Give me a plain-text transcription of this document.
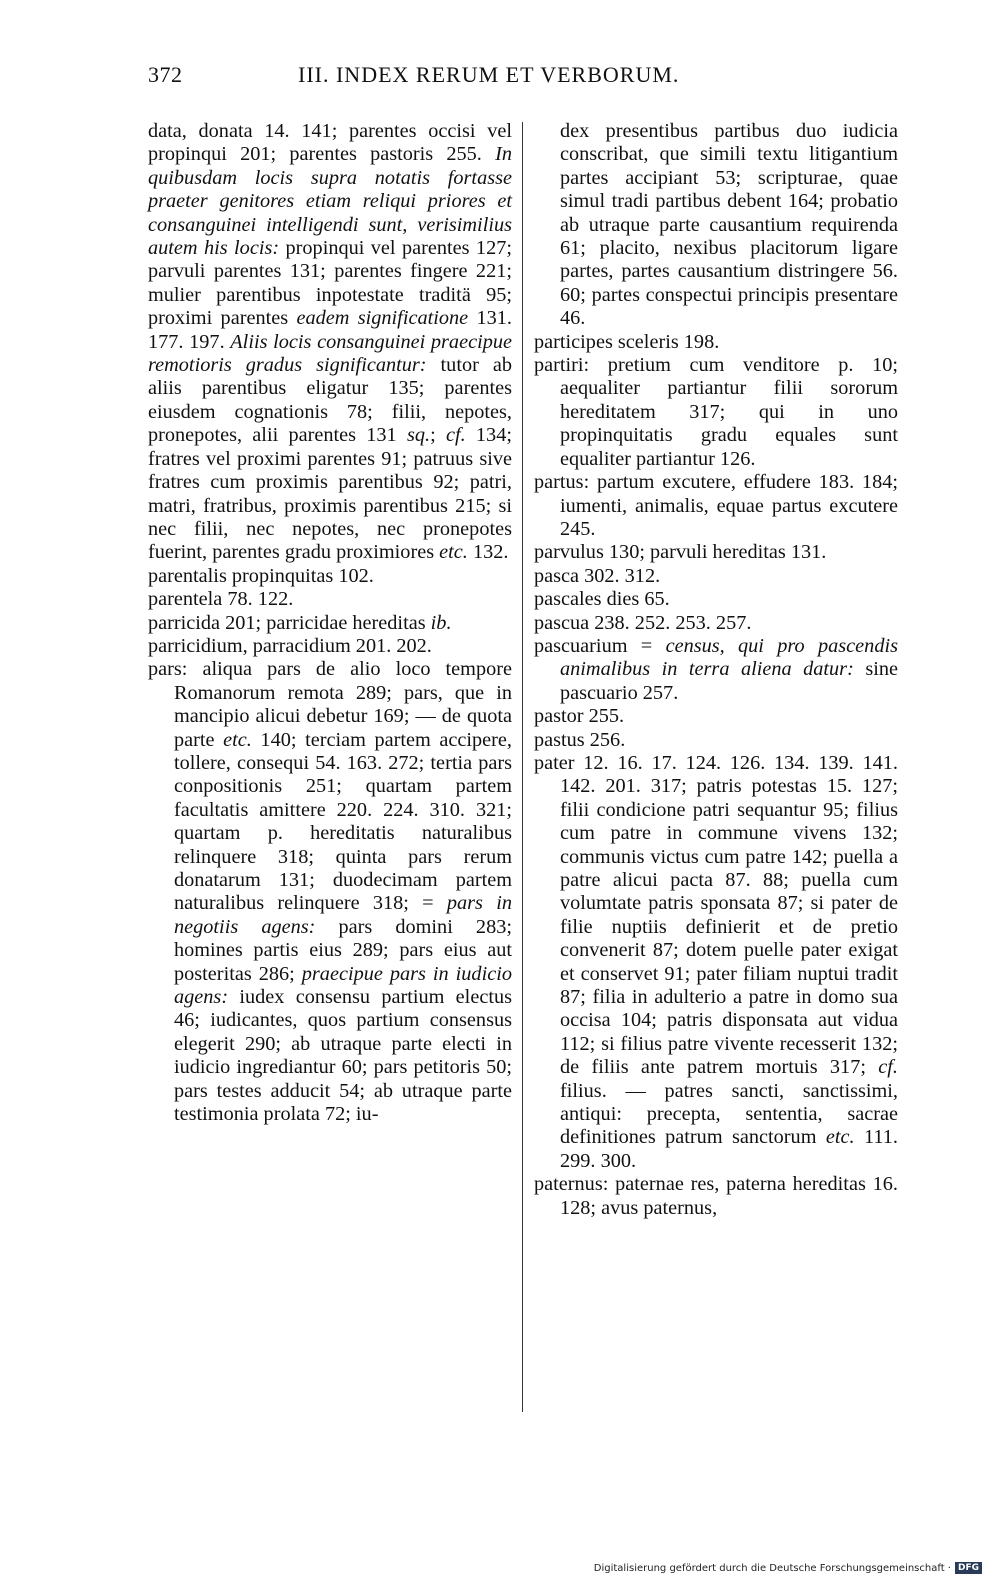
372	III. INDEX RERUM ET VERBORUM.

data, donata 14. 141; parentes occisi vel propinqui 201; parentes pastoris 255. In quibusdam locis supra notatis fortasse praeter genitores etiam reliqui priores et consanguinei intelligendi sunt, verisimilius autem his locis: propinqui vel parentes 127; parvuli parentes 131; parentes fingere 221; mulier parentibus inpotestate traditä 95; proximi parentes eadem significatione 131. 177. 197. Aliis locis consanguinei praecipue remotioris gradus significantur: tutor ab aliis parentibus eligatur 135; parentes eiusdem cognationis 78; filii, nepotes, pronepotes, alii parentes 131 sq.; cf. 134; fratres vel proximi parentes 91; patruus sive fratres cum proximis parentibus 92; patri, matri, fratribus, proximis parentibus 215; si nec filii, nec nepotes, nec pronepotes fuerint, parentes gradu proximiores etc. 132.

parentalis propinquitas 102.

parentela 78. 122.

parricida 201; parricidae hereditas ib.

parricidium, parracidium 201. 202.

pars: aliqua pars de alio loco tempore Romanorum remota 289; pars, que in mancipio alicui debetur 169; — de quota parte etc. 140; terciam partem accipere, tollere, consequi 54. 163. 272; tertia pars conpositionis 251; quartam partem facultatis amittere 220. 224. 310. 321; quartam p. hereditatis naturalibus relinquere 318; quinta pars rerum donatarum 131; duodecimam partem naturalibus relinquere 318; = pars in negotiis agens: pars domini 283; homines partis eius 289; pars eius aut posteritas 286; praecipue pars in iudicio agens: iudex consensu partium electus 46; iudicantes, quos partium consensus elegerit 290; ab utraque parte electi in iudicio ingrediantur 60; pars petitoris 50; pars testes adducit 54; ab utraque parte testimonia prolata 72; iu-

dex presentibus partibus duo iudicia conscribat, que simili textu litigantium partes accipiant 53; scripturae, quae simul tradi partibus debent 164; probatio ab utraque parte causantium requirenda 61; placito, nexibus placitorum ligare partes, partes causantium distringere 56. 60; partes conspectui principis presentare 46.

participes sceleris 198.

partiri: pretium cum venditore p. 10; aequaliter partiantur filii sororum hereditatem 317; qui in uno propinquitatis gradu equales sunt equaliter partiantur 126.

partus: partum excutere, effudere 183. 184; iumenti, animalis, equae partus excutere 245.

parvulus 130; parvuli hereditas 131.

pasca 302. 312.

pascales dies 65.

pascua 238. 252. 253. 257.

pascuarium = census, qui pro pascendis animalibus in terra aliena datur: sine pascuario 257.

pastor 255.

pastus 256.

pater 12. 16. 17. 124. 126. 134. 139. 141. 142. 201. 317; patris potestas 15. 127; filii condicione patri sequantur 95; filius cum patre in commune vivens 132; communis victus cum patre 142; puella a patre alicui pacta 87. 88; puella cum volumtate patris sponsata 87; si pater de filie nuptiis definierit et de pretio convenerit 87; dotem puelle pater exigat et conservet 91; pater filiam nuptui tradit 87; filia in adulterio a patre in domo sua occisa 104; patris disponsata aut vidua 112; si filius patre vivente recesserit 132; de filiis ante patrem mortuis 317; cf. filius. — patres sancti, sanctissimi, antiqui: precepta, sententia, sacrae definitiones patrum sanctorum etc. 111. 299. 300.

paternus: paternae res, paterna hereditas 16. 128; avus paternus,

Digitalisierung gefördert durch die Deutsche Forschungsgemeinschaft · DFG
